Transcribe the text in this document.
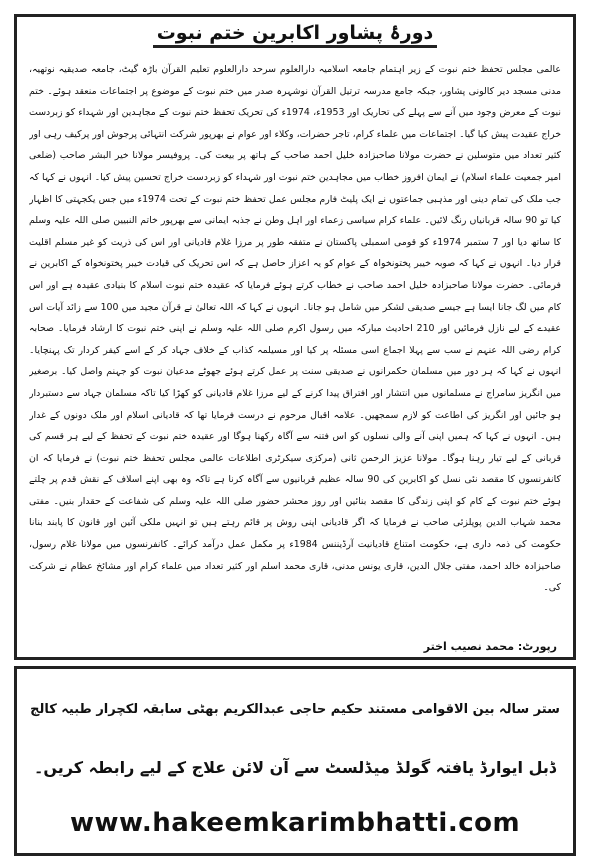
دورۂ پشاور اکابرین ختم نبوت

عالمی مجلس تحفظ ختم نبوت کے زیر اہتمام جامعہ اسلامیہ دارالعلوم سرحد دارالعلوم تعلیم القرآن باڑہ گیٹ، جامعہ صدیقیہ نوتھیہ، مدنی مسجد دیر کالونی پشاور، جبکہ جامع مدرسہ ترتیل القرآن نوشہرہ صدر میں ختم نبوت کے موضوع پر اجتماعات منعقد ہوئے۔ ختم نبوت کے معرض وجود میں آنے سے پہلے کی تحاریک اور 1953ء، 1974ء کی تحریک تحفظ ختم نبوت کے مجاہدین اور شہداء کو زبردست خراج عقیدت پیش کیا گیا۔ اجتماعات میں علماء کرام، تاجر حضرات، وکلاء اور عوام نے بھرپور شرکت انتہائی پرجوش اور پرکیف رہی اور کثیر تعداد میں متوسلین نے حضرت مولانا صاحبزادہ خلیل احمد صاحب کے ہاتھ پر بیعت کی۔ پروفیسر مولانا خیر البشر صاحب (ضلعی امیر جمعیت علماء اسلام) نے ایمان افروز خطاب میں مجاہدین ختم نبوت اور شہداء کو زبردست خراج تحسین پیش کیا۔ انہوں نے کہا کہ جب ملک کی تمام دینی اور مذہبی جماعتوں نے ایک پلیٹ فارم مجلس عمل تحفظ ختم نبوت کے تحت 1974ء میں جس یکجہتی کا اظہار کیا تو 90 سالہ قربانیاں رنگ لائیں۔ علماء کرام سیاسی زعماء اور اہل وطن نے جذبہ ایمانی سے بھرپور خاتم النبیین صلی اللہ علیہ وسلم کا ساتھ دیا اور 7 ستمبر 1974ء کو قومی اسمبلی پاکستان نے متفقہ طور پر مرزا غلام قادیانی اور اس کی ذریت کو غیر مسلم اقلیت قرار دیا۔ انہوں نے کہا کہ صوبہ خیبر پختونخواہ کے عوام کو یہ اعزاز حاصل ہے کہ اس تحریک کی قیادت خیبر پختونخواہ کے اکابرین نے فرمائی۔ حضرت مولانا صاحبزادہ خلیل احمد صاحب نے خطاب کرتے ہوئے فرمایا کہ عقیدہ ختم نبوت اسلام کا بنیادی عقیدہ ہے اور اس کام میں لگ جانا ایسا ہے جیسے صدیقی لشکر میں شامل ہو جانا۔ انہوں نے کہا کہ اللہ تعالیٰ نے قرآن مجید میں 100 سے زائد آیات اس عقیدے کے لیے نازل فرمائیں اور 210 احادیث مبارکہ میں رسول اکرم صلی اللہ علیہ وسلم نے اپنی ختم نبوت کا ارشاد فرمایا۔ صحابہ کرام رضی اللہ عنہم نے سب سے پہلا اجماع اسی مسئلہ پر کیا اور مسیلمہ کذاب کے خلاف جہاد کر کے اسے کیفر کردار تک پہنچایا۔ انہوں نے کہا کہ ہر دور میں مسلمان حکمرانوں نے صدیقی سنت پر عمل کرتے ہوئے جھوٹے مدعیان نبوت کو جہنم واصل کیا۔ برصغیر میں انگریز سامراج نے مسلمانوں میں انتشار اور افتراق پیدا کرنے کے لیے مرزا غلام قادیانی کو کھڑا کیا تاکہ مسلمان جہاد سے دستبردار ہو جائیں اور انگریز کی اطاعت کو لازم سمجھیں۔ علامہ اقبال مرحوم نے درست فرمایا تھا کہ قادیانی اسلام اور ملک دونوں کے غدار ہیں۔ انہوں نے کہا کہ ہمیں اپنی آنے والی نسلوں کو اس فتنہ سے آگاہ رکھنا ہوگا اور عقیدہ ختم نبوت کے تحفظ کے لیے ہر قسم کی قربانی کے لیے تیار رہنا ہوگا۔ مولانا عزیز الرحمن ثانی (مرکزی سیکرٹری اطلاعات عالمی مجلس تحفظ ختم نبوت) نے فرمایا کہ ان کانفرنسوں کا مقصد نئی نسل کو اکابرین کی 90 سالہ عظیم قربانیوں سے آگاہ کرنا ہے تاکہ وہ بھی اپنے اسلاف کے نقش قدم پر چلتے ہوئے ختم نبوت کے کام کو اپنی زندگی کا مقصد بنائیں اور روز محشر حضور صلی اللہ علیہ وسلم کی شفاعت کے حقدار بنیں۔ مفتی محمد شہاب الدین پوپلزئی صاحب نے فرمایا کہ اگر قادیانی اپنی روش پر قائم رہتے ہیں تو انہیں ملکی آئین اور قانون کا پابند بنانا حکومت کی ذمہ داری ہے، حکومت امتناع قادیانیت آرڈیننس 1984ء پر مکمل عمل درآمد کرائے۔ کانفرنسوں میں مولانا غلام رسول، صاحبزادہ خالد احمد، مفتی جلال الدین، قاری یونس مدنی، قاری محمد اسلم اور کثیر تعداد میں علماء کرام اور مشائخ عظام نے شرکت کی۔

رپورٹ: محمد نصیب اختر
ستر سالہ بین الاقوامی مستند حکیم حاجی عبدالکریم بھٹی سابقہ لکچرار طبیہ کالج
ڈبل ایوارڈ یافتہ گولڈ میڈلسٹ سے آن لائن علاج کے لیے رابطہ کریں۔
www.hakeemkarimbhatti.com
